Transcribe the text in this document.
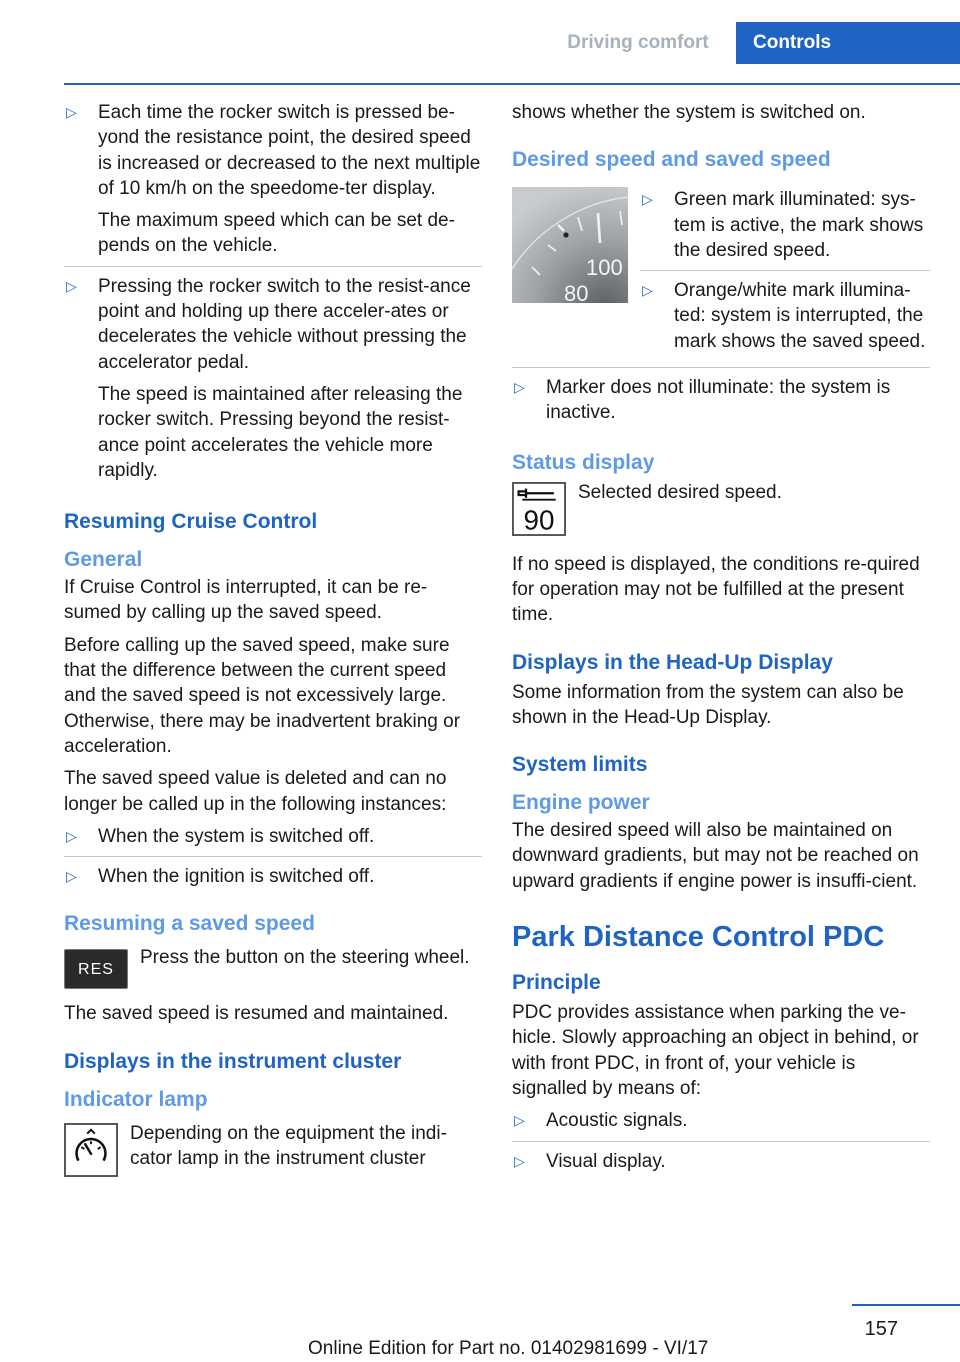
Driving comfort	Controls
▷ Each time the rocker switch is pressed be-yond the resistance point, the desired speed is increased or decreased to the next multiple of 10 km/h on the speedome-ter display.
The maximum speed which can be set de-pends on the vehicle.
▷ Pressing the rocker switch to the resist-ance point and holding up there acceler-ates or decelerates the vehicle without pressing the accelerator pedal.
The speed is maintained after releasing the rocker switch. Pressing beyond the resist-ance point accelerates the vehicle more rapidly.
Resuming Cruise Control
General

If Cruise Control is interrupted, it can be re-sumed by calling up the saved speed.

Before calling up the saved speed, make sure that the difference between the current speed and the saved speed is not excessively large. Otherwise, there may be inadvertent braking or acceleration.

The saved speed value is deleted and can no longer be called up in the following instances:

▷ When the system is switched off.
▷ When the ignition is switched off.
Resuming a saved speed
RES

Press the button on the steering wheel.

The saved speed is resumed and maintained.

Displays in the instrument cluster
Indicator lamp

Depending on the equipment the indi-cator lamp in the instrument cluster

shows whether the system is switched on.

Desired speed and saved speed
100
80
▷ Green mark illuminated: sys-tem is active, the mark shows the desired speed.
▷ Orange/white mark illumina-ted: system is interrupted, the mark shows the saved speed.
▷ Marker does not illuminate: the system is inactive.
Status display
90

Selected desired speed.

If no speed is displayed, the conditions re-quired for operation may not be fulfilled at the present time.

Displays in the Head-Up Display

Some information from the system can also be shown in the Head-Up Display.

System limits
Engine power

The desired speed will also be maintained on downward gradients, but may not be reached on upward gradients if engine power is insuffi-cient.

Park Distance Control PDC
Principle

PDC provides assistance when parking the ve-hicle. Slowly approaching an object in behind, or with front PDC, in front of, your vehicle is signalled by means of:

▷ Acoustic signals.
▷ Visual display.
157
Online Edition for Part no. 01402981699 - VI/17
